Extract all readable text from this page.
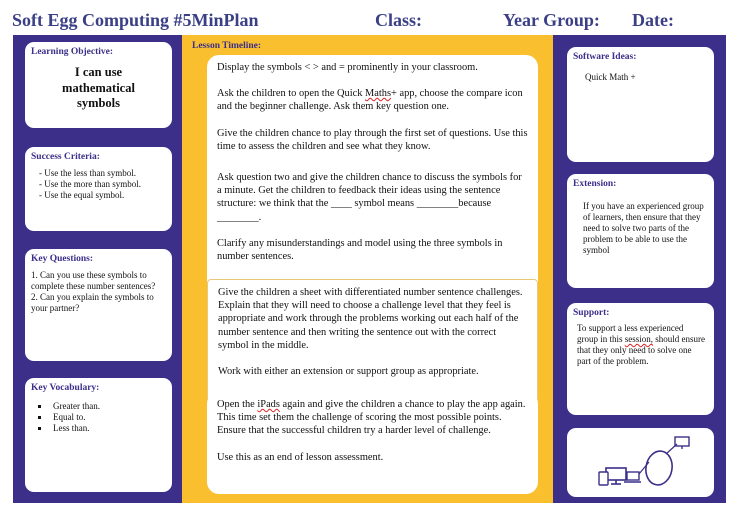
Soft Egg Computing #5MinPlan	Class:	Year Group: Date:
Learning Objective:
I can use mathematical symbols
Success Criteria:
- Use the less than symbol.
- Use the more than symbol.
- Use the equal symbol.
Key Questions:
1. Can you use these symbols to complete these number sentences?
2. Can you explain the symbols to your partner?
Key Vocabulary:
Greater than.
Equal to.
Less than.
Lesson Timeline:

Display the symbols < > and = prominently in your classroom.

Ask the children to open the Quick Maths+ app, choose the compare icon and the beginner challenge. Ask them key question one.

Give the children chance to play through the first set of questions. Use this time to assess the children and see what they know.

Ask question two and give the children chance to discuss the symbols for a minute. Get the children to feedback their ideas using the sentence structure: we think that the ____ symbol means ________because ________.

Clarify any misunderstandings and model using the three symbols in number sentences.

Give the children a sheet with differentiated number sentence challenges. Explain that they will need to choose a challenge level that they feel is appropriate and work through the problems working out each half of the number sentence and then writing the sentence out with the correct symbol in the middle.

Work with either an extension or support group as appropriate.

Open the iPads again and give the children a chance to play the app again. This time set them the challenge of scoring the most possible points. Ensure that the successful children try a harder level of challenge.

Use this as an end of lesson assessment.

Software Ideas:
Quick Math +
Extension:
If you have an experienced group of learners, then ensure that they need to solve two parts of the problem to be able to use the symbol
Support:
To support a less experienced group in this session, should ensure that they only need to solve one part of the problem.
